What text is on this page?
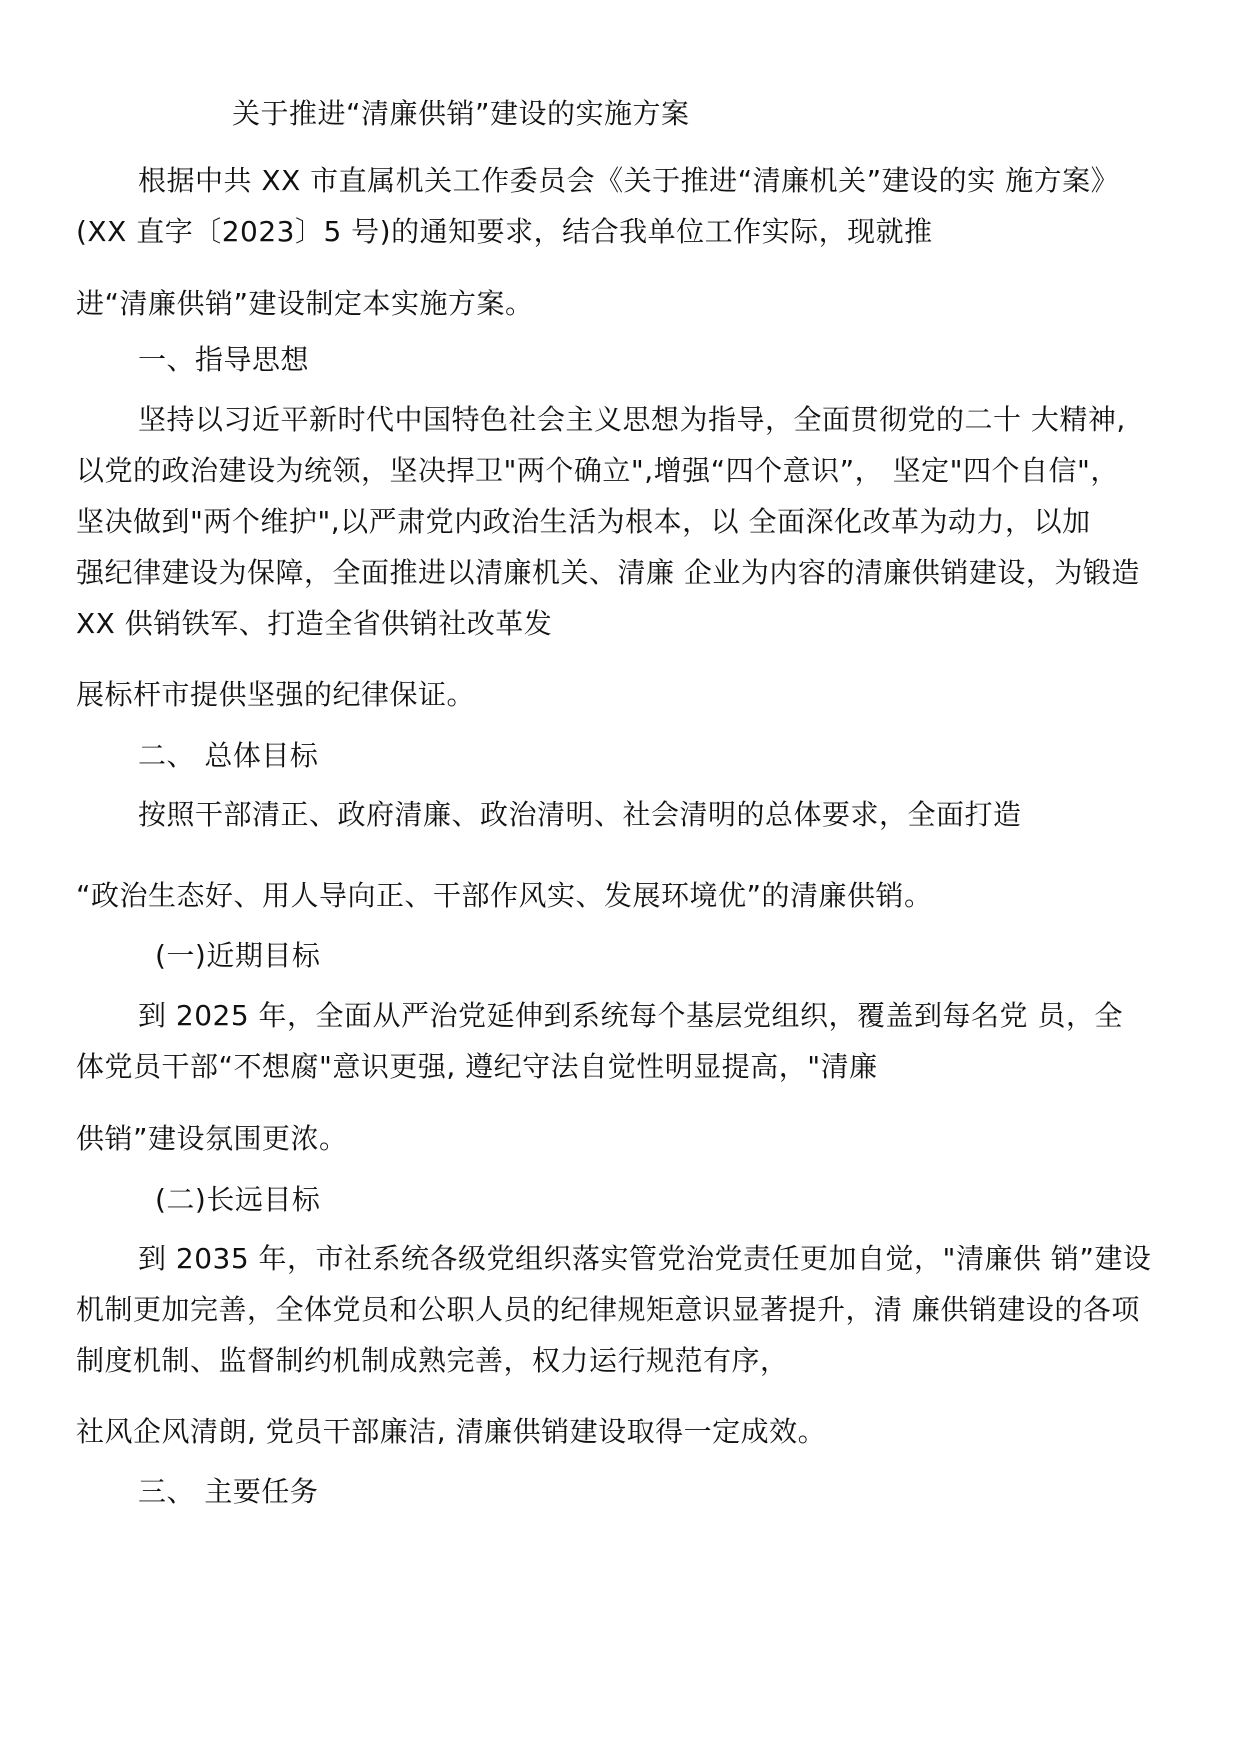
关于推进“清廉供销”建设的实施方案
根据中共 XX 市直属机关工作委员会《关于推进“清廉机关”建设的实 施方案》
(XX 直字〔2023〕5 号)的通知要求，结合我单位工作实际，现就推
进“清廉供销”建设制定本实施方案。
一、指导思想
坚持以习近平新时代中国特色社会主义思想为指导，全面贯彻党的二十 大精神,
以党的政治建设为统领，坚决捍卫"两个确立",增强“四个意识”， 坚定"四个自信"，
坚决做到"两个维护",以严肃党内政治生活为根本，以 全面深化改革为动力，以加
强纪律建设为保障，全面推进以清廉机关、清廉 企业为内容的清廉供销建设，为锻造
XX 供销铁军、打造全省供销社改革发
展标杆市提供坚强的纪律保证。
二、 总体目标
按照干部清正、政府清廉、政治清明、社会清明的总体要求，全面打造
“政治生态好、用人导向正、干部作风实、发展环境优”的清廉供销。
(一)近期目标
到 2025 年，全面从严治党延伸到系统每个基层党组织，覆盖到每名党 员，全
体党员干部“不想腐"意识更强, 遵纪守法自觉性明显提高，"清廉
供销”建设氛围更浓。
(二)长远目标
到 2035 年，市社系统各级党组织落实管党治党责任更加自觉，"清廉供 销”建设
机制更加完善，全体党员和公职人员的纪律规矩意识显著提升，清 廉供销建设的各项
制度机制、监督制约机制成熟完善，权力运行规范有序，
社风企风清朗, 党员干部廉洁, 清廉供销建设取得一定成效。
三、 主要任务
